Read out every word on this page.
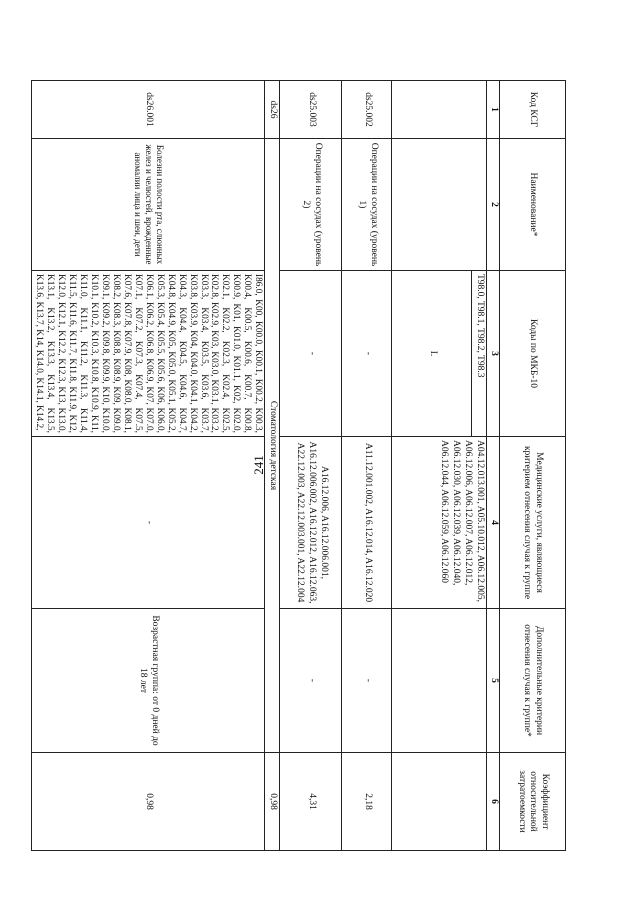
241
Код КСГ	Наименование*	Коды по МКБ-10	Медицинские услуги, являющиеся критерием отнесения случая к группе	Дополнительные критерии отнесения случая к группе*	Коэффициент относительной затратоемкости
1	2	3	4	5	6
		T98.0, T98.1, T98.2, T98.3	A04.12.013.001, A05.10.012, A06.12.005, A06.12.006, A06.12.007, A06.12.012, A06.12.030, A06.12.039, A06.12.040, A06.12.044, A06.12.059, A06.12.060		
		I.			
ds25.002	Операции на сосудах (уровень 1)	-	A11.12.001.002, A16.12.014, A16.12.020	-	2,18
ds25.003	Операции на сосудах (уровень 2)	-	A16.12.006, A16.12.006.001, A16.12.006.002, A16.12.012, A16.12.063, A22.12.003, A22.12.003.001, A22.12.004	-	4,31
ds26	Стоматология детская				0,98
ds26.001	Болезни полости рта, слюнных желез и челюстей, врожденные аномалии лица и шеи, дети	I86.0, K00, K00.0, K00.1, K00.2, K00.3, K00.4, K00.5, K00.6, K00.7, K00.8, K00.9, K01, K01.0, K01.1, K02, K02.0, K02.1, K02.2, K02.3, K02.4, K02.5, K02.8, K02.9, K03, K03.0, K03.1, K03.2, K03.3, K03.4, K03.5, K03.6, K03.7, K03.8, K03.9, K04, K04.0, K04.1, K04.2, K04.3, K04.4, K04.5, K04.6, K04.7, K04.8, K04.9, K05, K05.0, K05.1, K05.2, K05.3, K05.4, K05.5, K05.6, K06, K06.0, K06.1, K06.2, K06.8, K06.9, K07, K07.0, K07.1, K07.2, K07.3, K07.4, K07.5, K07.6, K07.8, K07.9, K08, K08.0, K08.1, K08.2, K08.3, K08.8, K08.9, K09, K09.0, K09.1, K09.2, K09.8, K09.9, K10, K10.0, K10.1, K10.2, K10.3, K10.8, K10.9, K11, K11.0, K11.1, K11.2, K11.3, K11.4, K11.5, K11.6, K11.7, K11.8, K11.9, K12, K12.0, K12.1, K12.2, K12.3, K13, K13.0, K13.1, K13.2, K13.3, K13.4, K13.5, K13.6, K13.7, K14, K14.0, K14.1, K14.2,	-	Возрастная группа: от 0 дней до 18 лет	0,98
